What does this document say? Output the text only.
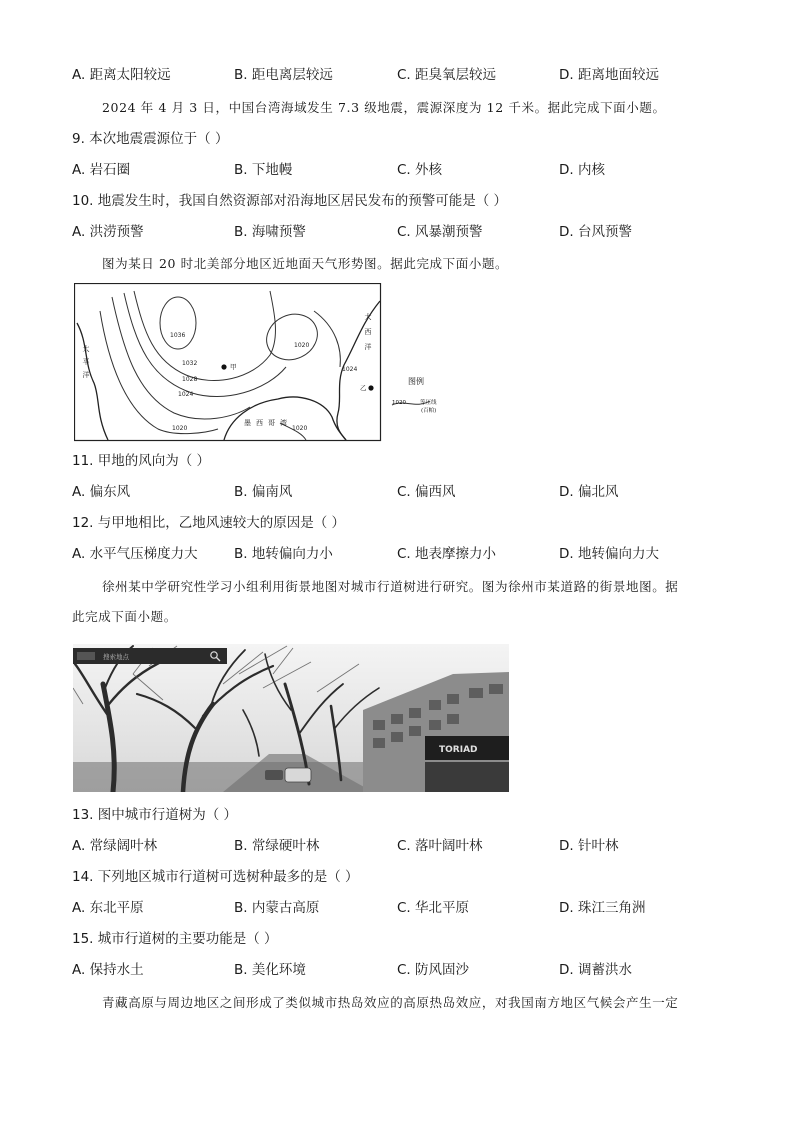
A. 距离太阳较远	B. 距电离层较远	C. 距臭氧层较远	D. 距离地面较远
2024 年 4 月 3 日，中国台湾海域发生 7.3 级地震，震源深度为 12 千米。据此完成下面小题。
9. 本次地震震源位于（ ）
A. 岩石圈	B. 下地幔	C. 外核	D. 内核
10. 地震发生时，我国自然资源部对沿海地区居民发布的预警可能是（ ）
A. 洪涝预警	B. 海啸预警	C. 风暴潮预警	D. 台风预警
图为某日 20 时北美部分地区近地面天气形势图。据此完成下面小题。
1036
1032
1028
1024
1020
1020
1024
1020
太平洋
大西洋
墨西哥湾
甲
乙
图例
1020	等压线
(百帕)
11. 甲地的风向为（ ）
A. 偏东风	B. 偏南风	C. 偏西风	D. 偏北风
12. 与甲地相比，乙地风速较大的原因是（ ）
A. 水平气压梯度力大	B. 地转偏向力小	C. 地表摩擦力小	D. 地转偏向力大
徐州某中学研究性学习小组利用街景地图对城市行道树进行研究。图为徐州市某道路的街景地图。据
此完成下面小题。
TORIAD
搜索地点
13. 图中城市行道树为（ ）
A. 常绿阔叶林	B. 常绿硬叶林	C. 落叶阔叶林	D. 针叶林
14. 下列地区城市行道树可选树种最多的是（ ）
A. 东北平原	B. 内蒙古高原	C. 华北平原	D. 珠江三角洲
15. 城市行道树的主要功能是（ ）
A. 保持水土	B. 美化环境	C. 防风固沙	D. 调蓄洪水
青藏高原与周边地区之间形成了类似城市热岛效应的高原热岛效应，对我国南方地区气候会产生一定
